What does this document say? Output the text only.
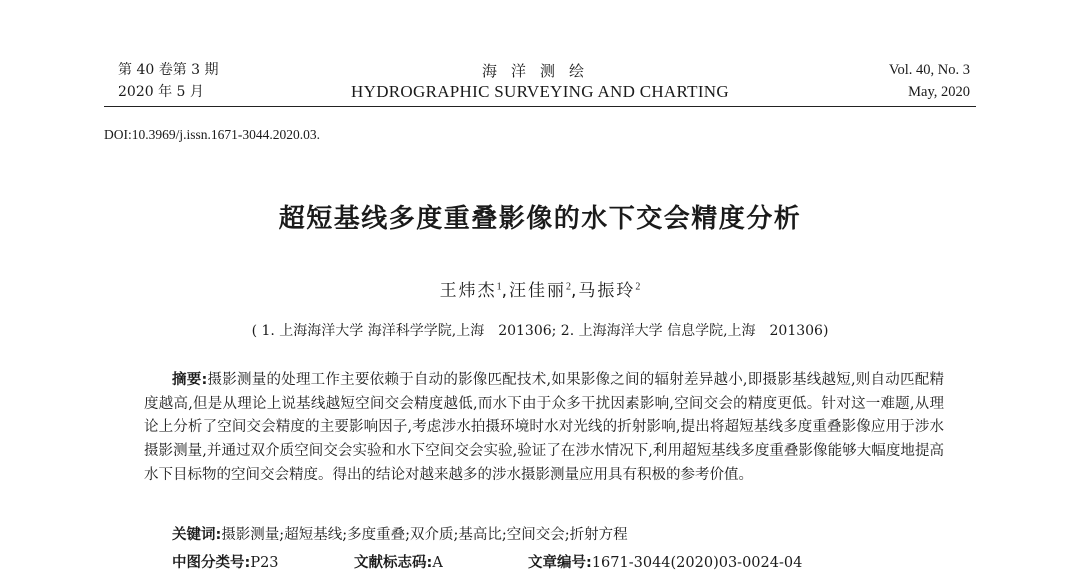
第 40 卷第 3 期
2020 年 5 月
海洋测绘
HYDROGRAPHIC SURVEYING AND CHARTING
Vol. 40, No. 3
May, 2020
DOI:10.3969/j.issn.1671-3044.2020.03.
超短基线多度重叠影像的水下交会精度分析
王炜杰$^1$,汪佳丽$^2$,马振玲$^2$
( 1. 上海海洋大学 海洋科学学院,上海　201306; 2. 上海海洋大学 信息学院,上海　201306)
摘要:摄影测量的处理工作主要依赖于自动的影像匹配技术,如果影像之间的辐射差异越小,即摄影基线越短,则自动匹配精度越高,但是从理论上说基线越短空间交会精度越低,而水下由于众多干扰因素影响,空间交会的精度更低。针对这一难题,从理论上分析了空间交会精度的主要影响因子,考虑涉水拍摄环境时水对光线的折射影响,提出将超短基线多度重叠影像应用于涉水摄影测量,并通过双介质空间交会实验和水下空间交会实验,验证了在涉水情况下,利用超短基线多度重叠影像能够大幅度地提高水下目标物的空间交会精度。得出的结论对越来越多的涉水摄影测量应用具有积极的参考价值。
关键词:摄影测量;超短基线;多度重叠;双介质;基高比;空间交会;折射方程
中图分类号:P23	文献标志码:A	文章编号:1671-3044(2020)03-0024-04
